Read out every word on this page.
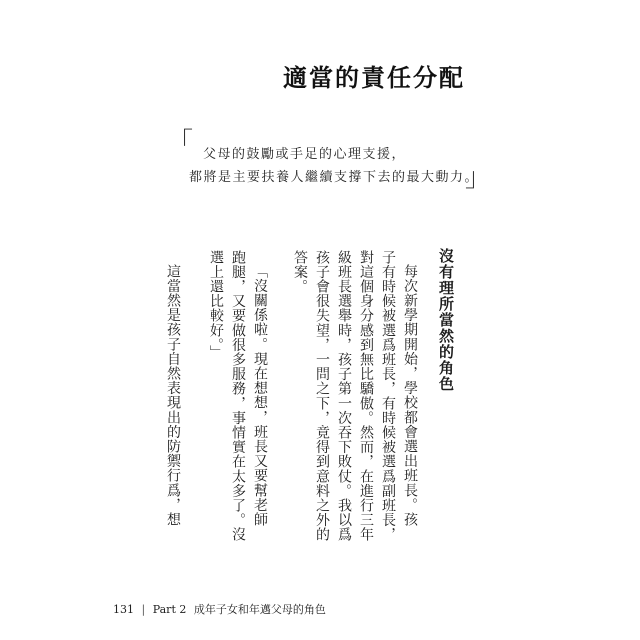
適當的責任分配
「 父母的鼓勵或手足的心理支援，
都將是主要扶養人繼續支撐下去的最大動力。
」
沒有理所當然的角色
每次新學期開始，學校都會選出班長。孩
子有時候被選爲班長，有時候被選爲副班長，
對這個身分感到無比驕傲。然而，在進行三年
級班長選舉時，孩子第一次吞下敗仗。我以爲
孩子會很失望，一問之下，竟得到意料之外的
答案。
「沒關係啦。現在想想，班長又要幫老師
跑腿，又要做很多服務，事情實在太多了。沒
選上還比較好。」
這當然是孩子自然表現出的防禦行爲，想
131 | Part 2 成年子女和年邁父母的角色
